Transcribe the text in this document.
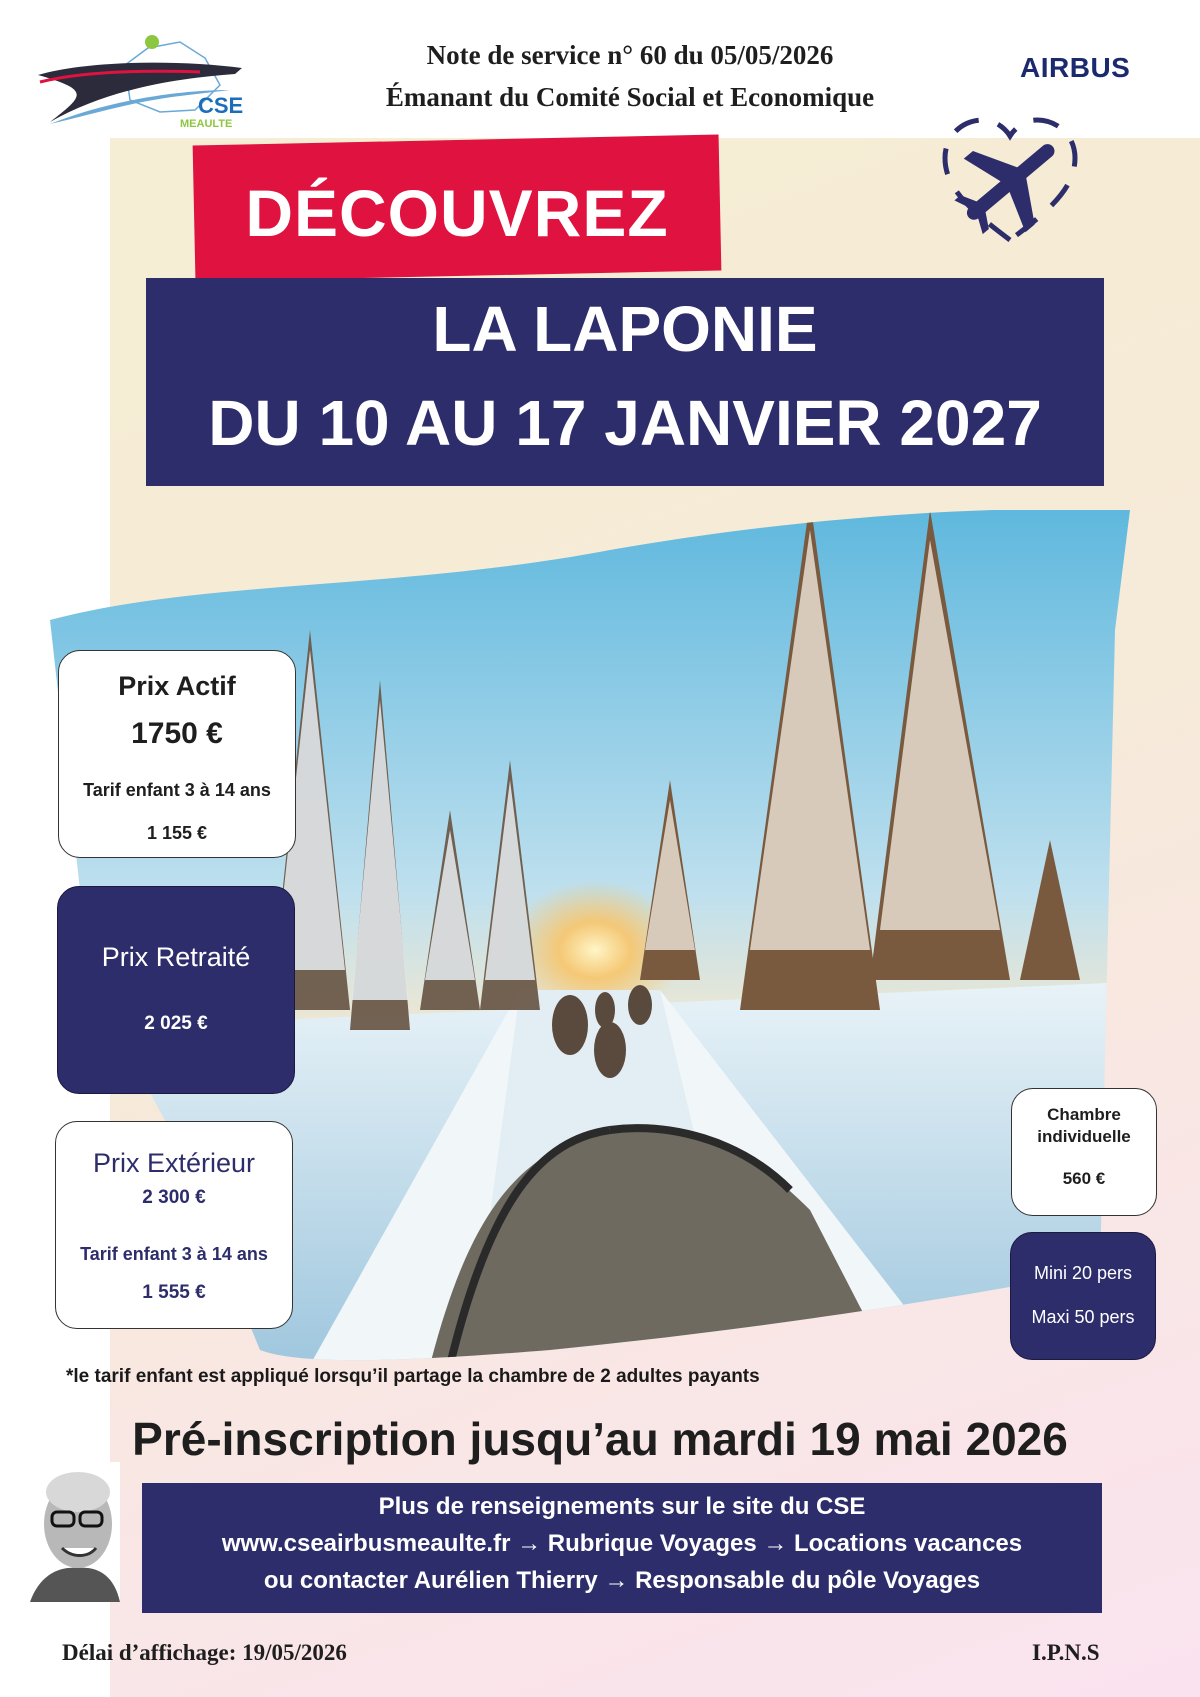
CSE
MEAULTE
Note de service n° 60 du 05/05/2026
Émanant du Comité Social et Economique
AIRBUS
DÉCOUVREZ
LA LAPONIE
DU 10 AU 17 JANVIER 2027
Prix Actif
1750 €
Tarif enfant 3 à 14 ans
1 155 €
Prix Retraité
2 025 €
Prix Extérieur
2 300 €
Tarif enfant 3 à 14 ans
1 555 €
Chambre
individuelle
560 €
Mini 20 pers
Maxi 50 pers
*le tarif enfant est appliqué lorsqu’il partage la chambre de 2 adultes payants
Pré-inscription jusqu’au mardi 19 mai 2026
Plus de renseignements sur le site du CSE
www.cseairbusmeaulte.fr → Rubrique Voyages → Locations vacances
ou contacter Aurélien Thierry → Responsable du pôle Voyages
Délai d’affichage: 19/05/2026	I.P.N.S
